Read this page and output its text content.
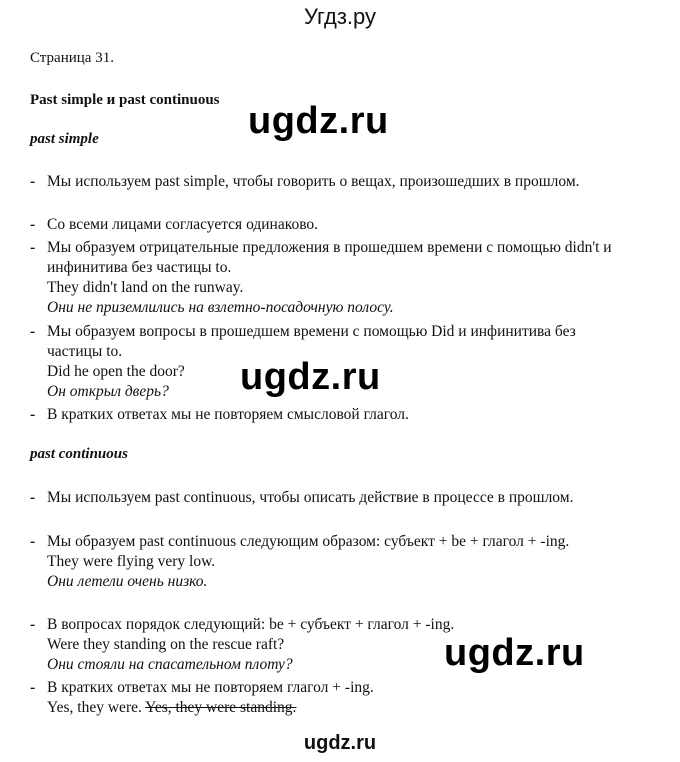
Угдз.ру
Страница 31.
Past simple и past continuous
past simple
- Мы используем past simple, чтобы говорить о вещах, произошедших в прошлом.
- Со всеми лицами согласуется одинаково.
- Мы образуем отрицательные предложения в прошедшем времени с помощью didn't и инфинитива без частицы to.
They didn't land on the runway.
Они не приземлились на взлетно-посадочную полосу.
- Мы образуем вопросы в прошедшем времени с помощью Did и инфинитива без частицы to.
Did he open the door?
Он открыл дверь?
- В кратких ответах мы не повторяем смысловой глагол.
past continuous
- Мы используем past continuous, чтобы описать действие в процессе в прошлом.
- Мы образуем past continuous следующим образом: субъект + be + глагол + -ing.
They were flying very low.
Они летели очень низко.
- В вопросах порядок следующий: be + субъект + глагол + -ing.
Were they standing on the rescue raft?
Они стояли на спасательном плоту?
- В кратких ответах мы не повторяем глагол + -ing.
Yes, they were. Yes, they were standing.
ugdz.ru
ugdz.ru
ugdz.ru
ugdz.ru
